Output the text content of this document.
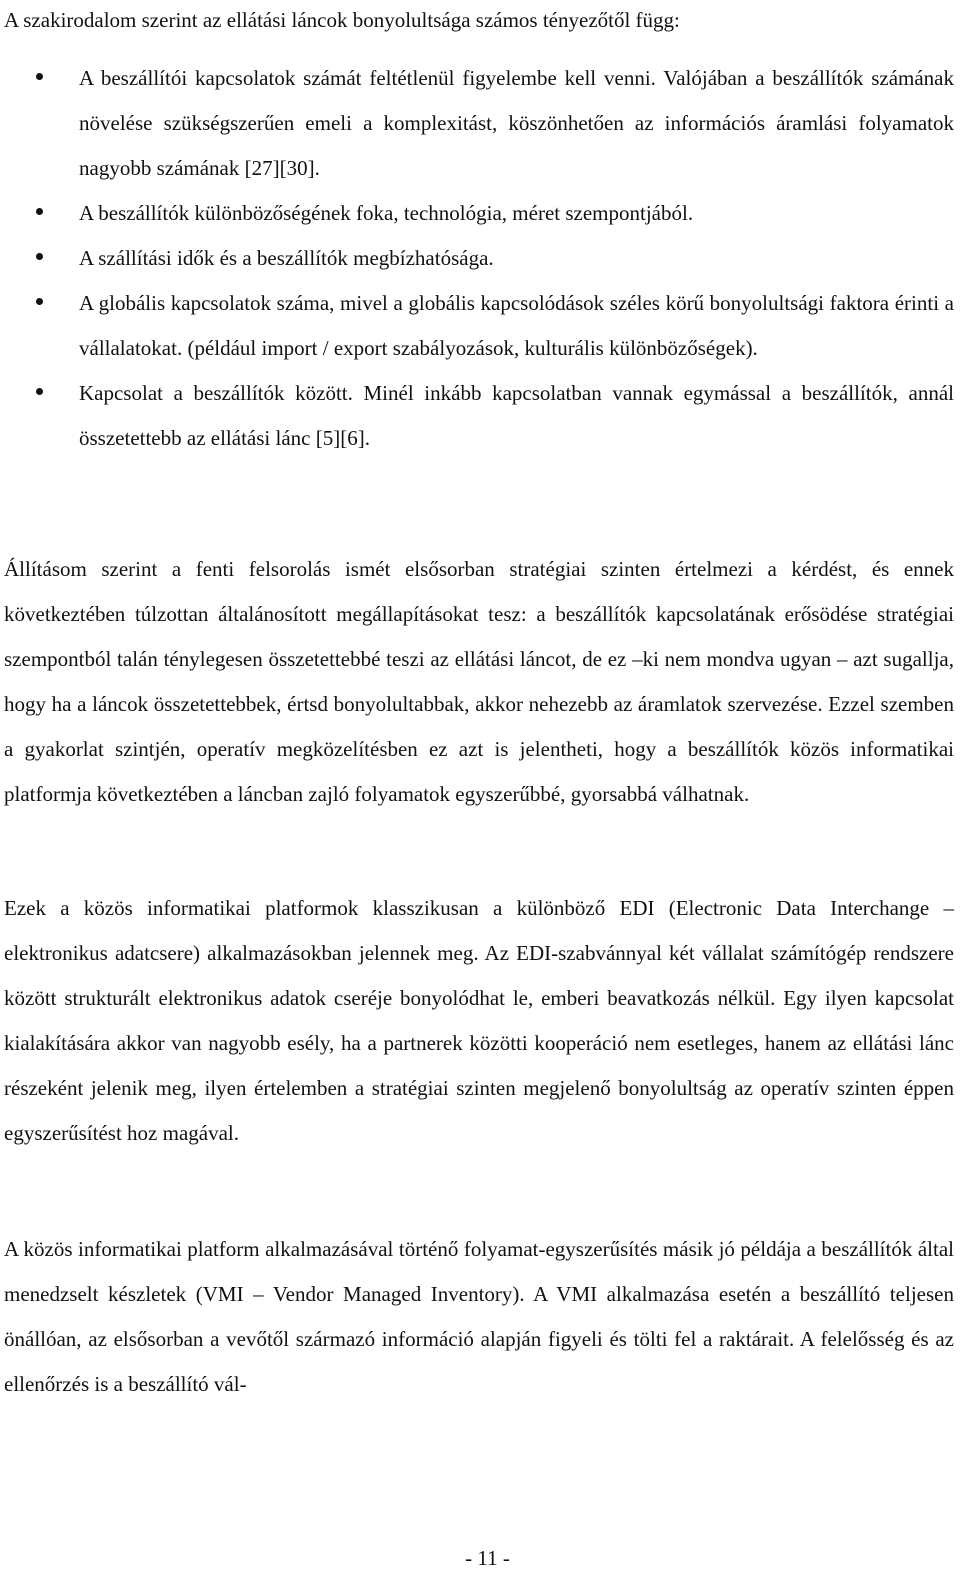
A szakirodalom szerint az ellátási láncok bonyolultsága számos tényezőtől függ:

A beszállítói kapcsolatok számát feltétlenül figyelembe kell venni. Valójában a beszállítók számának növelése szükségszerűen emeli a komplexitást, köszönhetően az információs áramlási folyamatok nagyobb számának [27][30].
A beszállítók különbözőségének foka, technológia, méret szempontjából.
A szállítási idők és a beszállítók megbízhatósága.
A globális kapcsolatok száma, mivel a globális kapcsolódások széles körű bonyolultsági faktora érinti a vállalatokat. (például import / export szabályozások, kulturális különbözőségek).
Kapcsolat a beszállítók között. Minél inkább kapcsolatban vannak egymással a beszállítók, annál összetettebb az ellátási lánc [5][6].

Állításom szerint a fenti felsorolás ismét elsősorban stratégiai szinten értelmezi a kérdést, és ennek következtében túlzottan általánosított megállapításokat tesz: a beszállítók kapcsolatának erősödése stratégiai szempontból talán ténylegesen összetettebbé teszi az ellátási láncot, de ez –ki nem mondva ugyan – azt sugallja, hogy ha a láncok összetettebbek, értsd bonyolultabbak, akkor nehezebb az áramlatok szervezése. Ezzel szemben a gyakorlat szintjén, operatív megközelítésben ez azt is jelentheti, hogy a beszállítók közös informatikai platformja következtében a láncban zajló folyamatok egyszerűbbé, gyorsabbá válhatnak.

Ezek a közös informatikai platformok klasszikusan a különböző EDI (Electronic Data Interchange – elektronikus adatcsere) alkalmazásokban jelennek meg. Az EDI-szabvánnyal két vállalat számítógép rendszere között strukturált elektronikus adatok cseréje bonyolódhat le, emberi beavatkozás nélkül. Egy ilyen kapcsolat kialakítására akkor van nagyobb esély, ha a partnerek közötti kooperáció nem esetleges, hanem az ellátási lánc részeként jelenik meg, ilyen értelemben a stratégiai szinten megjelenő bonyolultság az operatív szinten éppen egyszerűsítést hoz magával.

A közös informatikai platform alkalmazásával történő folyamat-egyszerűsítés másik jó példája a beszállítók által menedzselt készletek (VMI – Vendor Managed Inventory). A VMI alkalmazása esetén a beszállító teljesen önállóan, az elsősorban a vevőtől származó információ alapján figyeli és tölti fel a raktárait. A felelősség és az ellenőrzés is a beszállító vál-

- 11 -
